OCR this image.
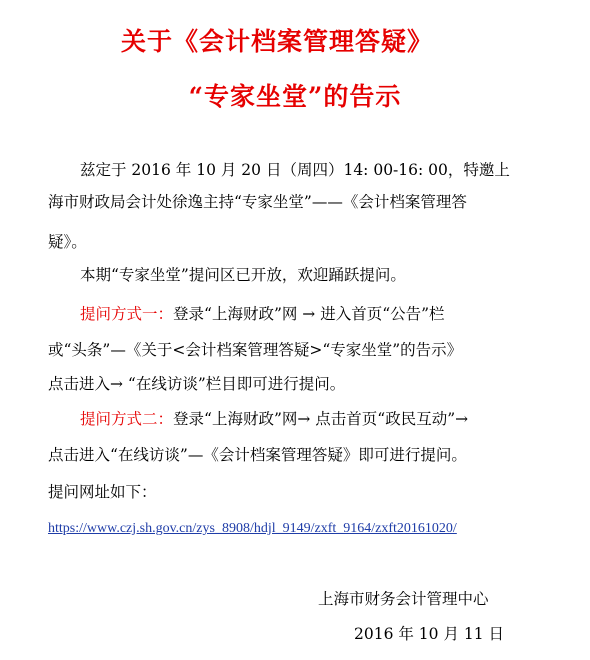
关于《会计档案管理答疑》
“专家坐堂”的告示
兹定于 2016 年 10 月 20 日（周四）14: 00-16: 00，特邀上
海市财政局会计处徐逸主持“专家坐堂”——《会计档案管理答
疑》。
本期“专家坐堂”提问区已开放，欢迎踊跃提问。
提问方式一：登录“上海财政”网 → 进入首页“公告”栏
或“头条”—《关于<会计档案管理答疑>“专家坐堂”的告示》
点击进入→ “在线访谈”栏目即可进行提问。
提问方式二：登录“上海财政”网→ 点击首页“政民互动”→
点击进入“在线访谈”—《会计档案管理答疑》即可进行提问。
提问网址如下：
https://www.czj.sh.gov.cn/zys_8908/hdjl_9149/zxft_9164/zxft20161020/
上海市财务会计管理中心
2016 年 10 月 11 日
